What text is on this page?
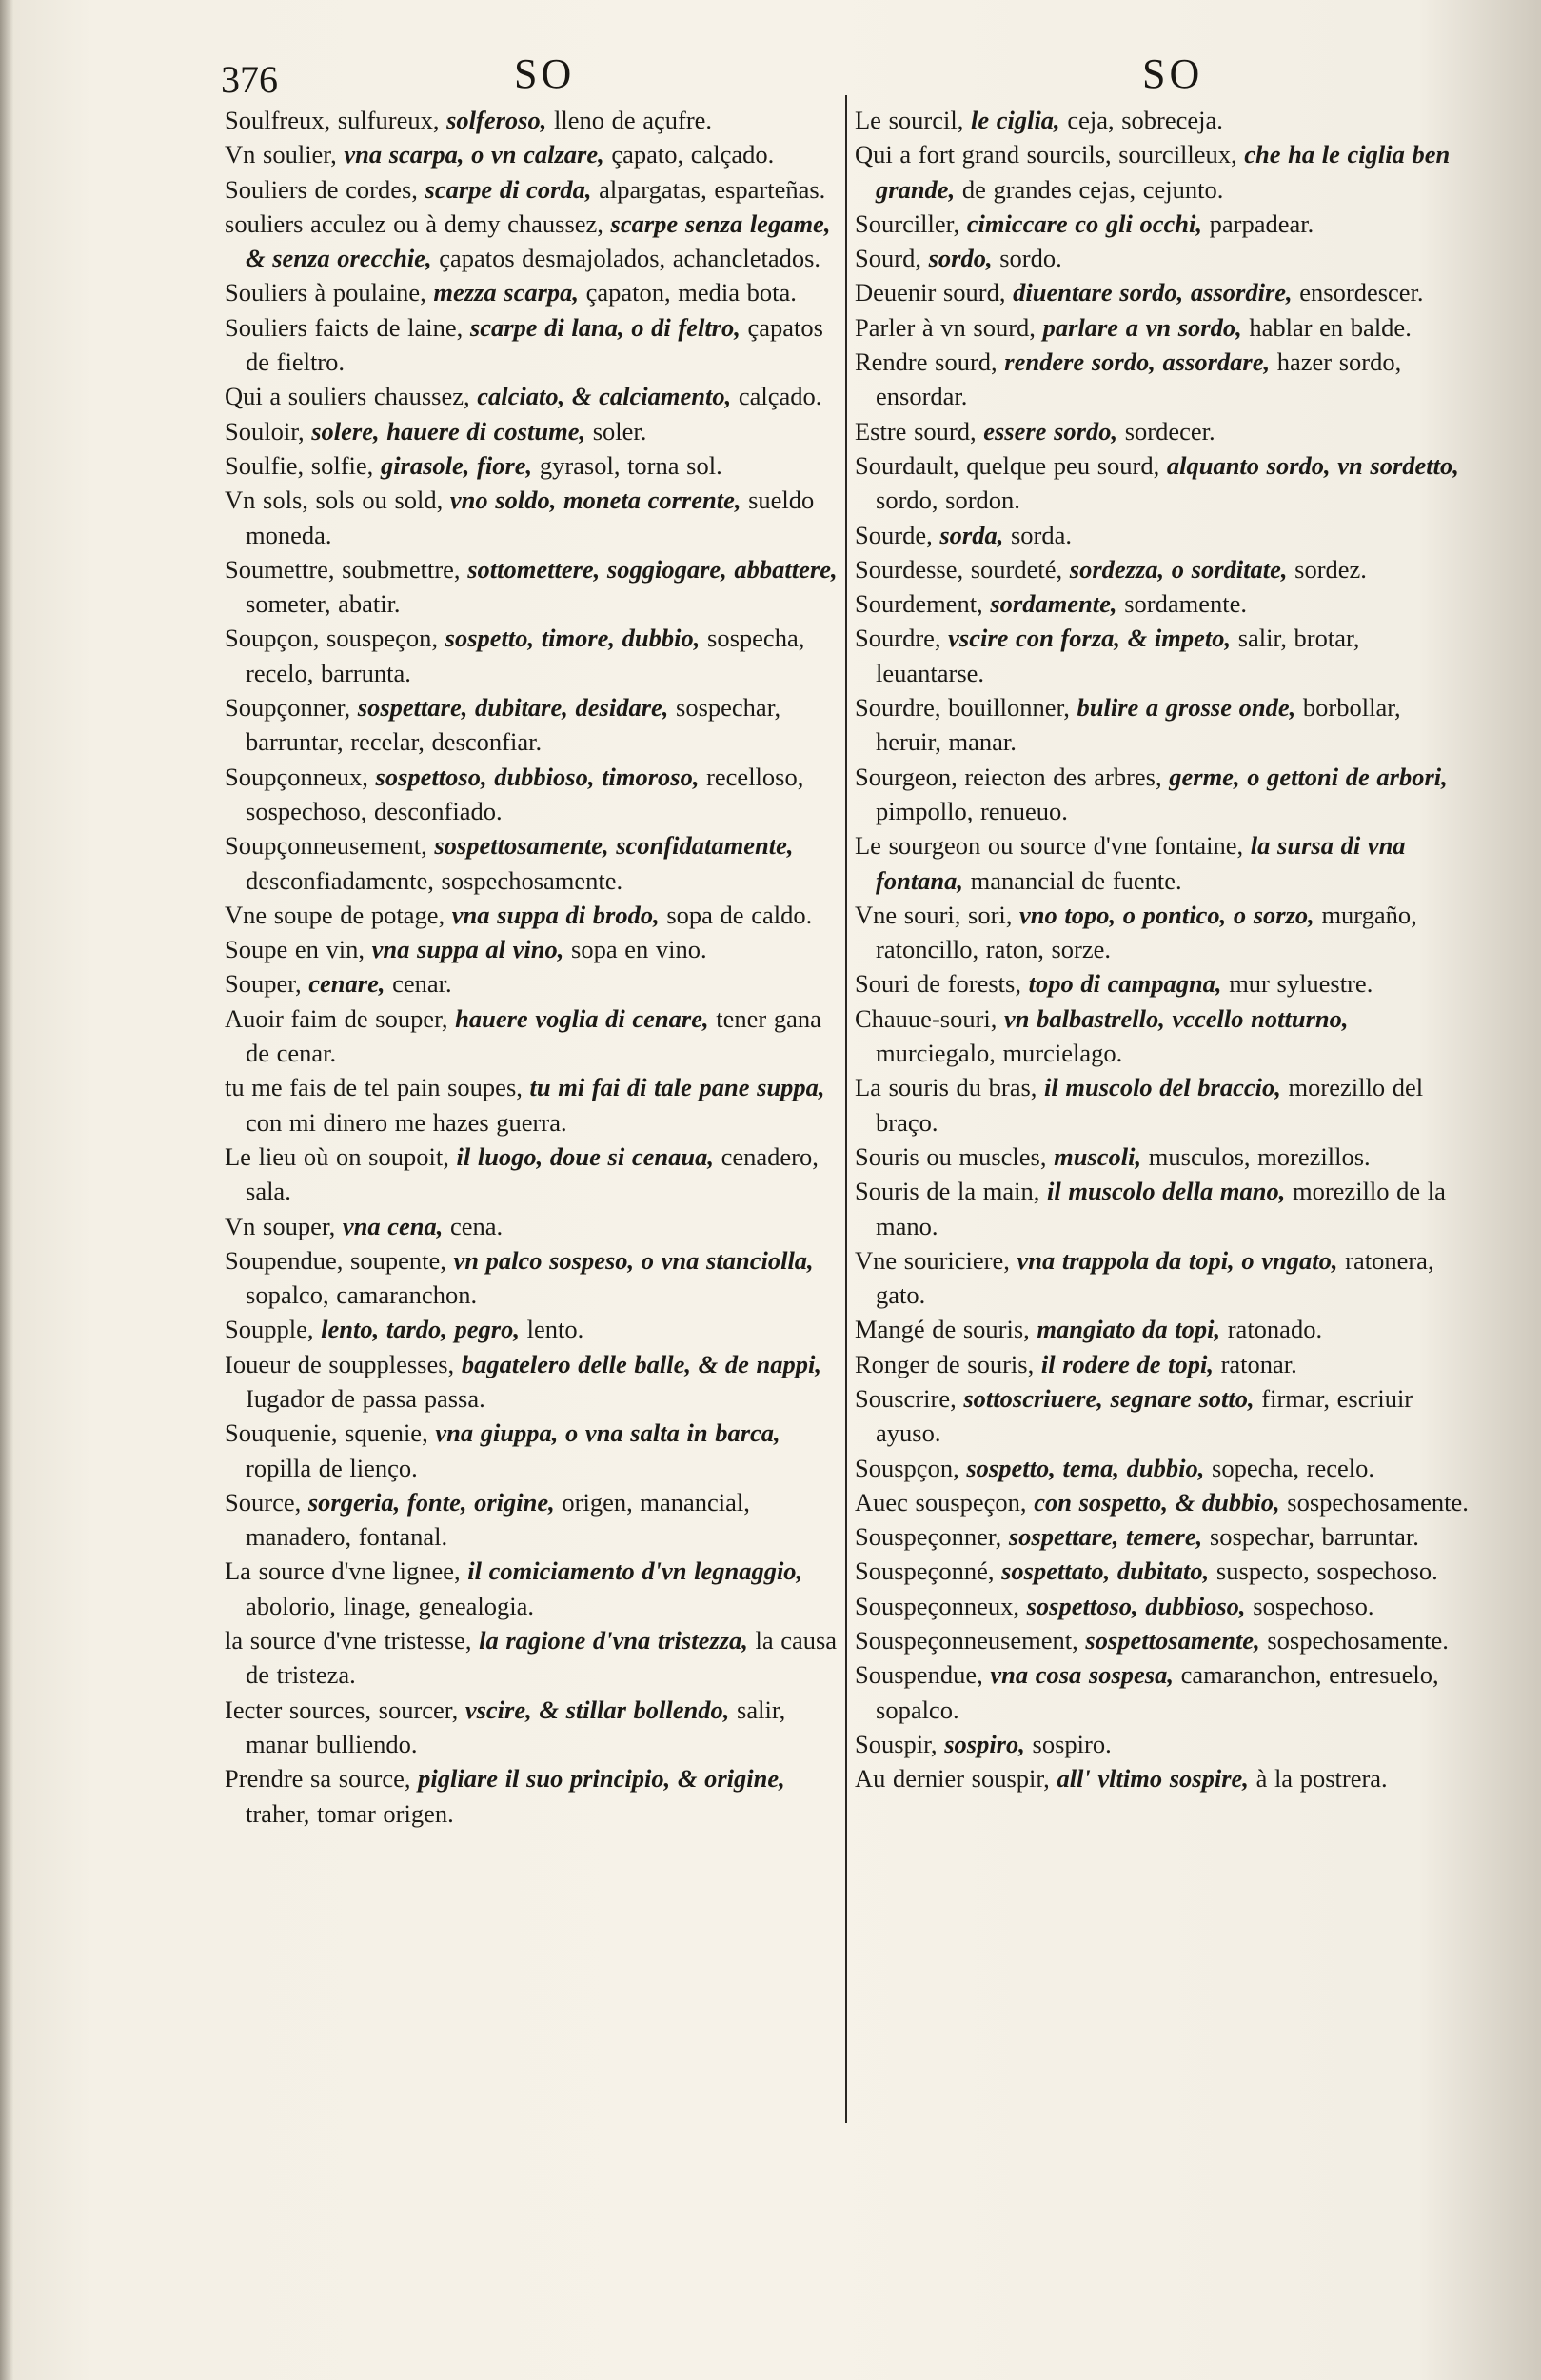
376	SO	SO
Soulfreux, sulfureux, solferoso, lleno de açufre.
Vn soulier, vna scarpa, o vn calzare, çapato, calçado.
Souliers de cordes, scarpe di corda, alpargatas, esparteñas.
souliers acculez ou à demy chaussez, scarpe senza legame, & senza orecchie, çapatos desmajolados, achancletados.
Souliers à poulaine, mezza scarpa, çapaton, media bota.
Souliers faicts de laine, scarpe di lana, o di feltro, çapatos de fieltro.
Qui a souliers chaussez, calciato, & calciamento, calçado.
Souloir, solere, hauere di costume, soler.
Soulfie, solfie, girasole, fiore, gyrasol, torna sol.
Vn sols, sols ou sold, vno soldo, moneta corrente, sueldo moneda.
Soumettre, soubmettre, sottomettere, soggiogare, abbattere, someter, abatir.
Soupçon, souspeçon, sospetto, timore, dubbio, sospecha, recelo, barrunta.
Soupçonner, sospettare, dubitare, desidare, sospechar, barruntar, recelar, desconfiar.
Soupçonneux, sospettoso, dubbioso, timoroso, recelloso, sospechoso, desconfiado.
Soupçonneusement, sospettosamente, sconfidatamente, desconfiadamente, sospechosamente.
Vne soupe de potage, vna suppa di brodo, sopa de caldo.
Soupe en vin, vna suppa al vino, sopa en vino.
Souper, cenare, cenar.
Auoir faim de souper, hauere voglia di cenare, tener gana de cenar.
tu me fais de tel pain soupes, tu mi fai di tale pane suppa, con mi dinero me hazes guerra.
Le lieu où on soupoit, il luogo, doue si cenaua, cenadero, sala.
Vn souper, vna cena, cena.
Soupendue, soupente, vn palco sospeso, o vna stanciolla, sopalco, camaranchon.
Soupple, lento, tardo, pegro, lento.
Ioueur de soupplesses, bagatelero delle balle, & de nappi, Iugador de passa passa.
Souquenie, squenie, vna giuppa, o vna salta in barca, ropilla de lienço.
Source, sorgeria, fonte, origine, origen, manancial, manadero, fontanal.
La source d'vne lignee, il comiciamento d'vn legnaggio, abolorio, linage, genealogia.
la source d'vne tristesse, la ragione d'vna tristezza, la causa de tristeza.
Iecter sources, sourcer, vscire, & stillar bollendo, salir, manar bulliendo.
Prendre sa source, pigliare il suo principio, & origine, traher, tomar origen.
Le sourcil, le ciglia, ceja, sobreceja.
Qui a fort grand sourcils, sourcilleux, che ha le ciglia ben grande, de grandes cejas, cejunto.
Sourciller, cimiccare co gli occhi, parpadear.
Sourd, sordo, sordo.
Deuenir sourd, diuentare sordo, assordire, ensordescer.
Parler à vn sourd, parlare a vn sordo, hablar en balde.
Rendre sourd, rendere sordo, assordare, hazer sordo, ensordar.
Estre sourd, essere sordo, sordecer.
Sourdault, quelque peu sourd, alquanto sordo, vn sordetto, sordo, sordon.
Sourde, sorda, sorda.
Sourdesse, sourdeté, sordezza, o sorditate, sordez.
Sourdement, sordamente, sordamente.
Sourdre, vscire con forza, & impeto, salir, brotar, leuantarse.
Sourdre, bouillonner, bulire a grosse onde, borbollar, heruir, manar.
Sourgeon, reiecton des arbres, germe, o gettoni de arbori, pimpollo, renueuo.
Le sourgeon ou source d'vne fontaine, la sursa di vna fontana, manancial de fuente.
Vne souri, sori, vno topo, o pontico, o sorzo, murgaño, ratoncillo, raton, sorze.
Souri de forests, topo di campagna, mur syluestre.
Chauue-souri, vn balbastrello, vccello notturno, murciegalo, murcielago.
La souris du bras, il muscolo del braccio, morezillo del braço.
Souris ou muscles, muscoli, musculos, morezillos.
Souris de la main, il muscolo della mano, morezillo de la mano.
Vne souriciere, vna trappola da topi, o vngato, ratonera, gato.
Mangé de souris, mangiato da topi, ratonado.
Ronger de souris, il rodere de topi, ratonar.
Souscrire, sottoscriuere, segnare sotto, firmar, escriuir ayuso.
Souspçon, sospetto, tema, dubbio, sopecha, recelo.
Auec souspeçon, con sospetto, & dubbio, sospechosamente.
Souspeçonner, sospettare, temere, sospechar, barruntar.
Souspeçonné, sospettato, dubitato, suspecto, sospechoso.
Souspeçonneux, sospettoso, dubbioso, sospechoso.
Souspeçonneusement, sospettosamente, sospechosamente.
Souspendue, vna cosa sospesa, camaranchon, entresuelo, sopalco.
Souspir, sospiro, sospiro.
Au dernier souspir, all' vltimo sospire, à la postrera.
